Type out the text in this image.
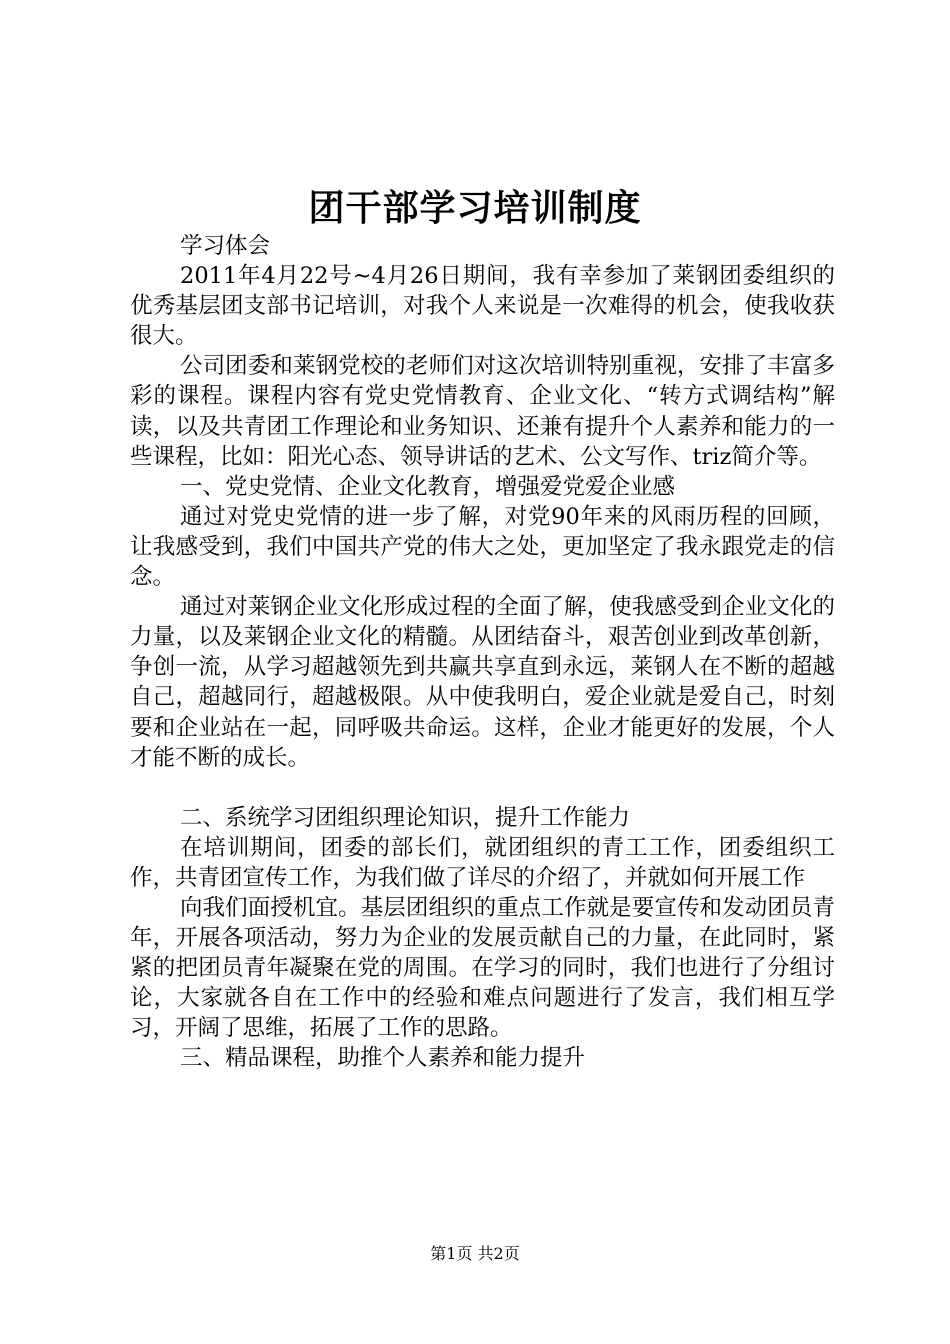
团干部学习培训制度

学习体会

2011年4月22号~4月26日期间，我有幸参加了莱钢团委组织的优秀基层团支部书记培训，对我个人来说是一次难得的机会，使我收获很大。

公司团委和莱钢党校的老师们对这次培训特别重视，安排了丰富多彩的课程。课程内容有党史党情教育、企业文化、“转方式调结构”解读，以及共青团工作理论和业务知识、还兼有提升个人素养和能力的一些课程，比如：阳光心态、领导讲话的艺术、公文写作、triz简介等。

一、党史党情、企业文化教育，增强爱党爱企业感

通过对党史党情的进一步了解，对党90年来的风雨历程的回顾，让我感受到，我们中国共产党的伟大之处，更加坚定了我永跟党走的信念。

通过对莱钢企业文化形成过程的全面了解，使我感受到企业文化的力量，以及莱钢企业文化的精髓。从团结奋斗，艰苦创业到改革创新，争创一流，从学习超越领先到共赢共享直到永远，莱钢人在不断的超越自己，超越同行，超越极限。从中使我明白，爱企业就是爱自己，时刻要和企业站在一起，同呼吸共命运。这样，企业才能更好的发展，个人才能不断的成长。

二、系统学习团组织理论知识，提升工作能力

在培训期间，团委的部长们，就团组织的青工工作，团委组织工作，共青团宣传工作，为我们做了详尽的介绍了，并就如何开展工作

向我们面授机宜。基层团组织的重点工作就是要宣传和发动团员青年，开展各项活动，努力为企业的发展贡献自己的力量，在此同时，紧紧的把团员青年凝聚在党的周围。在学习的同时，我们也进行了分组讨论，大家就各自在工作中的经验和难点问题进行了发言，我们相互学习，开阔了思维，拓展了工作的思路。

三、精品课程，助推个人素养和能力提升

第1页 共2页
